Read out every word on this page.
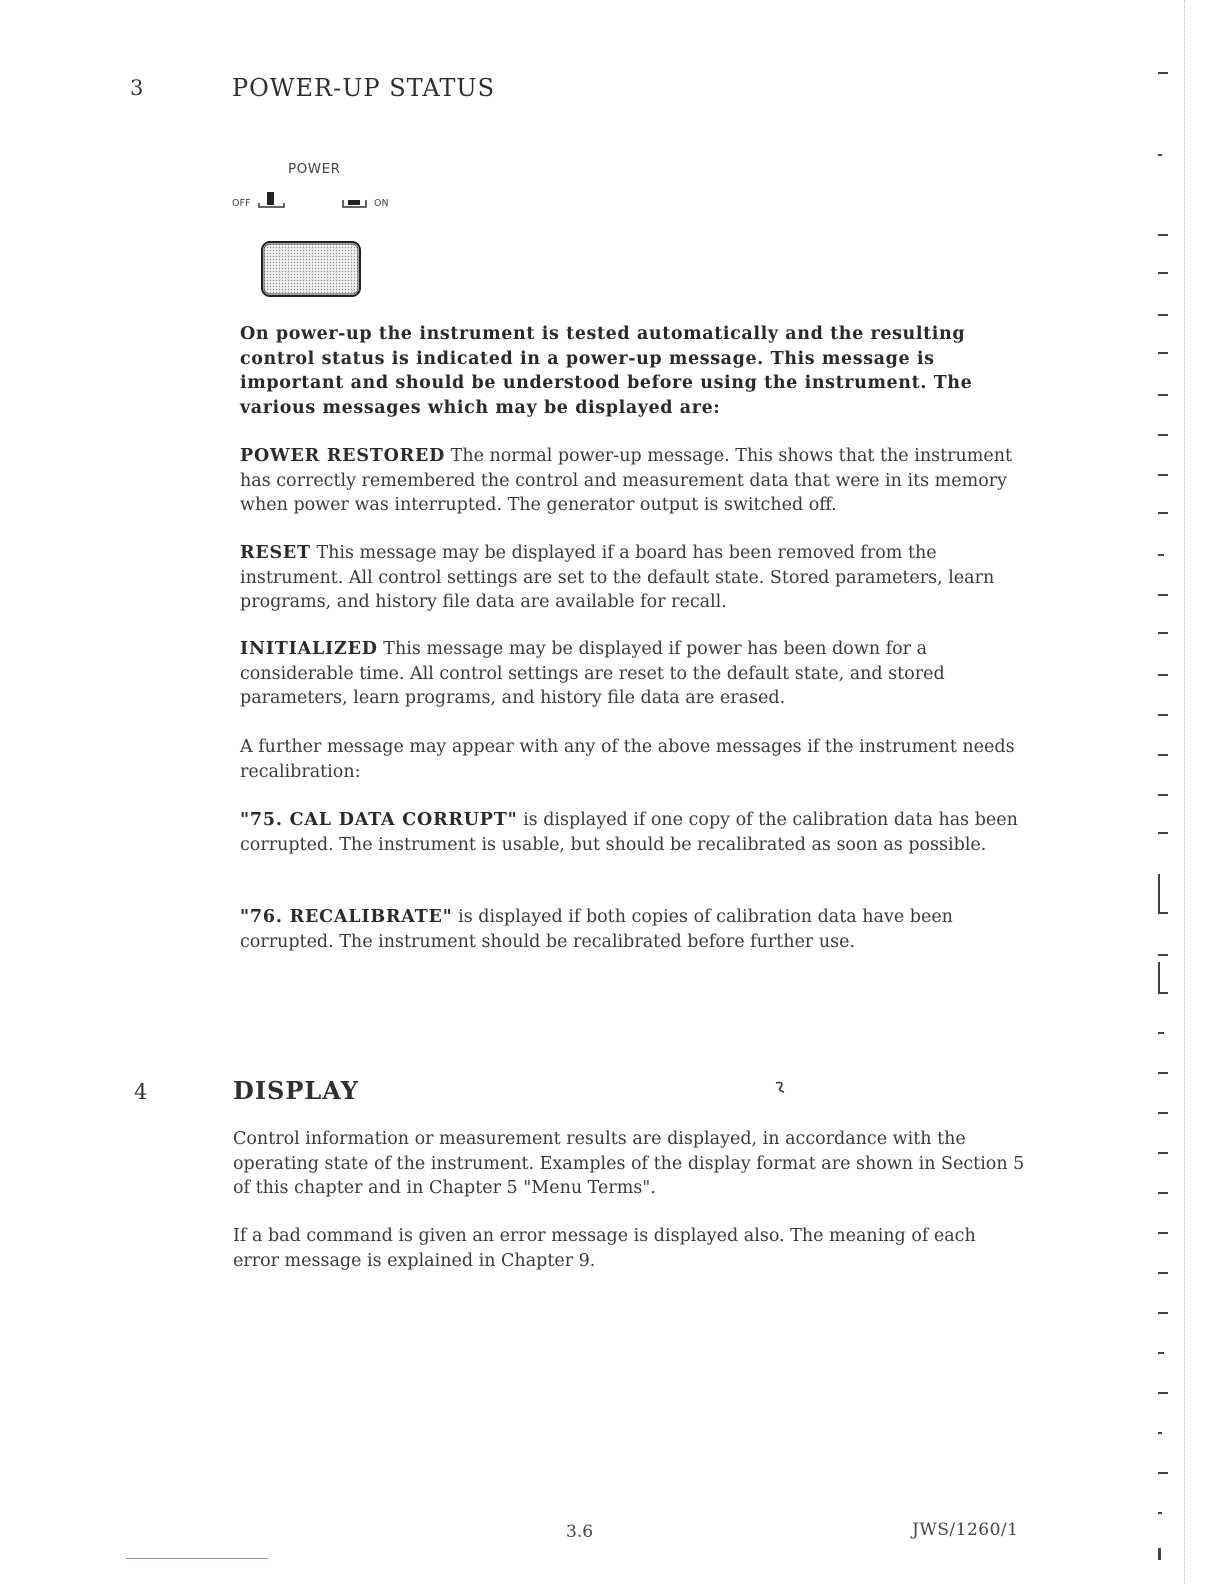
3	POWER-UP STATUS
POWER
OFF	ON
On power-up the instrument is tested automatically and the resulting control status is indicated in a power-up message. This message is important and should be understood before using the instrument. The various messages which may be displayed are:
POWER RESTORED The normal power-up message. This shows that the instrument has correctly remembered the control and measurement data that were in its memory when power was interrupted. The generator output is switched off.
RESET This message may be displayed if a board has been removed from the instrument. All control settings are set to the default state. Stored parameters, learn programs, and history file data are available for recall.
INITIALIZED This message may be displayed if power has been down for a considerable time. All control settings are reset to the default state, and stored parameters, learn programs, and history file data are erased.
A further message may appear with any of the above messages if the instrument needs recalibration:
"75. CAL DATA CORRUPT" is displayed if one copy of the calibration data has been corrupted. The instrument is usable, but should be recalibrated as soon as possible.
"76. RECALIBRATE" is displayed if both copies of calibration data have been corrupted. The instrument should be recalibrated before further use.
4	DISPLAY
Control information or measurement results are displayed, in accordance with the operating state of the instrument. Examples of the display format are shown in Section 5 of this chapter and in Chapter 5 "Menu Terms".
If a bad command is given an error message is displayed also. The meaning of each error message is explained in Chapter 9.
3.6	JWS/1260/1
